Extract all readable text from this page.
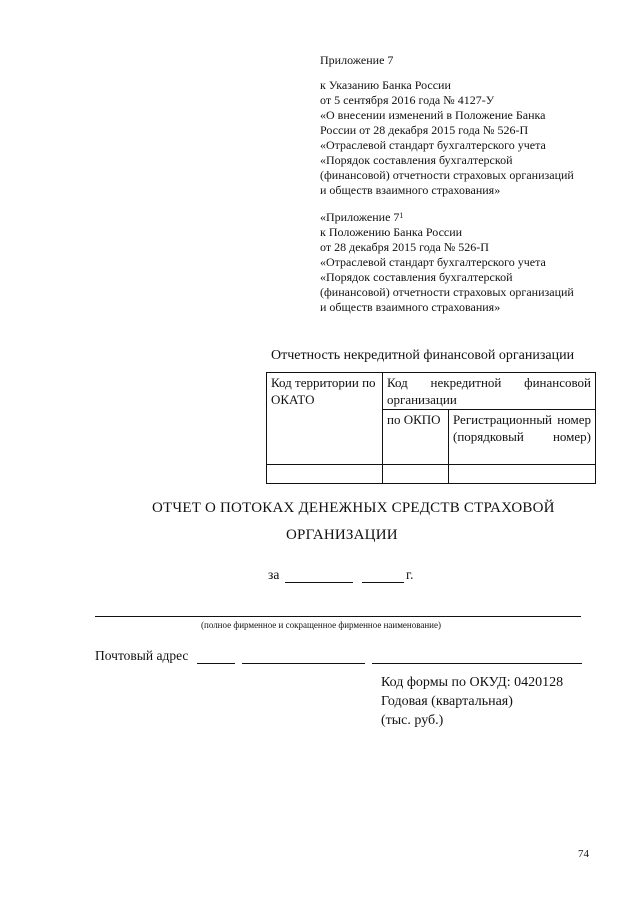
Приложение 7
к Указанию Банка России
от 5 сентября 2016 года № 4127-У
«О внесении изменений в Положение Банка
России от 28 декабря 2015 года № 526-П
«Отраслевой стандарт бухгалтерского учета
«Порядок составления бухгалтерской
(финансовой) отчетности страховых организаций
и обществ взаимного страхования»
«Приложение $7^1$
к Положению Банка России
от 28 декабря 2015 года № 526-П
«Отраслевой стандарт бухгалтерского учета
«Порядок составления бухгалтерской
(финансовой) отчетности страховых организаций
и обществ взаимного страхования»
Отчетность некредитной финансовой организации
Код территории по ОКАТО	Код некредитной финансовой организации	
	по ОКПО	Регистрационный номер (порядковый номер)

ОТЧЕТ О ПОТОКАХ ДЕНЕЖНЫХ СРЕДСТВ СТРАХОВОЙ
ОРГАНИЗАЦИИ
за	г.
(полное фирменное и сокращенное фирменное наименование)
Почтовый адрес
Код формы по ОКУД: 0420128
Годовая (квартальная)
(тыс. руб.)
74
